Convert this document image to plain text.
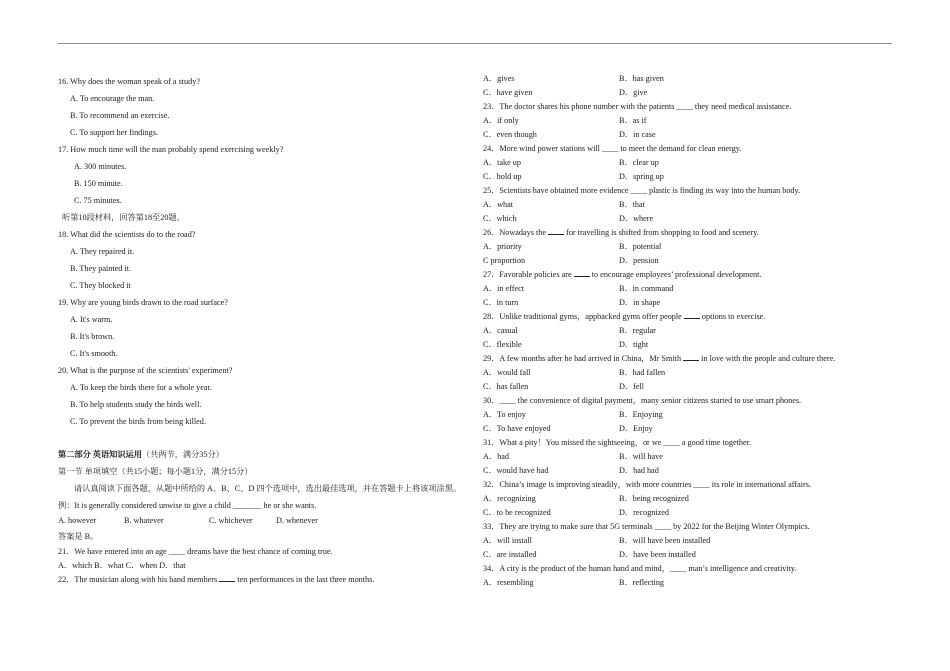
16. Why does the woman speak of a study?
A. To encourage the man.
B. To recommend an exercise.
C. To support her findings.
17. How much time will the man probably spend exercising weekly?
A. 300 minutes.
B. 150 minute.
C. 75 minutes.
听第10段材料，回答第18至20题。
18. What did the scientists do to the road?
A. They repaired it.
B. They painted it.
C. They blocked it
19. Why are young birds drawn to the road surface?
A. It's warm.
B. It's brown.
C. It's smooth.
20. What is the purpose of the scientists' experiment?
A. To keep the birds there for a whole year.
B. To help students study the birds well.
C. To prevent the birds from being killed.
第二部分 英语知识运用（共两节，满分35分）
第一节 单项填空（共15小题；每小题1分，满分15分）
请认真阅读下面各题，从题中所给的 A、B、C、D 四个选项中，选出最佳选项，并在答题卡上将该项涂黑。
例：It is generally considered unwise to give a child _______ he or she wants.
A. however	B. whatever	C. whichever	D. whenever
答案是 B。
21．We have entered into an age ____ dreams have the best chance of coming true.
A．which B．what C．when D．that
22．The musician along with his band members ten performances in the last three months.
A．gives	B．has given
C．have given	D．give
23．The doctor shares his phone number with the patients ____ they need medical assistance.
A．if only	B．as if
C．even though	D．in case
24．More wind power stations will ____ to meet the demand for clean energy.
A．take up	B．clear up
C．hold up	D．spring up
25．Scientists have obtained more evidence ____ plastic is finding its way into the human body.
A．what	B．that
C．which	D．where
26．Nowadays the for travelling is shifted from shopping to food and scenery.
A．priority	B．potential
C proportion	D．pension
27．Favorable policies are to encourage employees’ professional development.
A．in effect	B．in command
C．in turn	D．in shape
28．Unlike traditional gyms，appbacked gyms offer people options to exercise.
A．casual	B．regular
C．flexible	D．tight
29．A few months after he had arrived in China，Mr Smith in love with the people and culture there.
A．would fall	B．had fallen
C．has fallen	D．fell
30．____ the convenience of digital payment，many senior citizens started to use smart phones.
A．To enjoy	B．Enjoying
C．To have enjoyed	D．Enjoy
31．What a pity！You missed the sightseeing，or we ____ a good time together.
A．had	B．will have
C．would have had	D．had had
32．China’s image is improving steadily，with more countries ____ its role in international affairs.
A．recognizing	B．being recognized
C．to be recognized	D．recognized
33．They are trying to make sure that 5G terminals ____ by 2022 for the Beijing Winter Olympics.
A．will install	B．will have been installed
C．are installed	D．have been installed
34．A city is the product of the human hand and mind，____ man’s intelligence and creativity.
A．resembling	B．reflecting
